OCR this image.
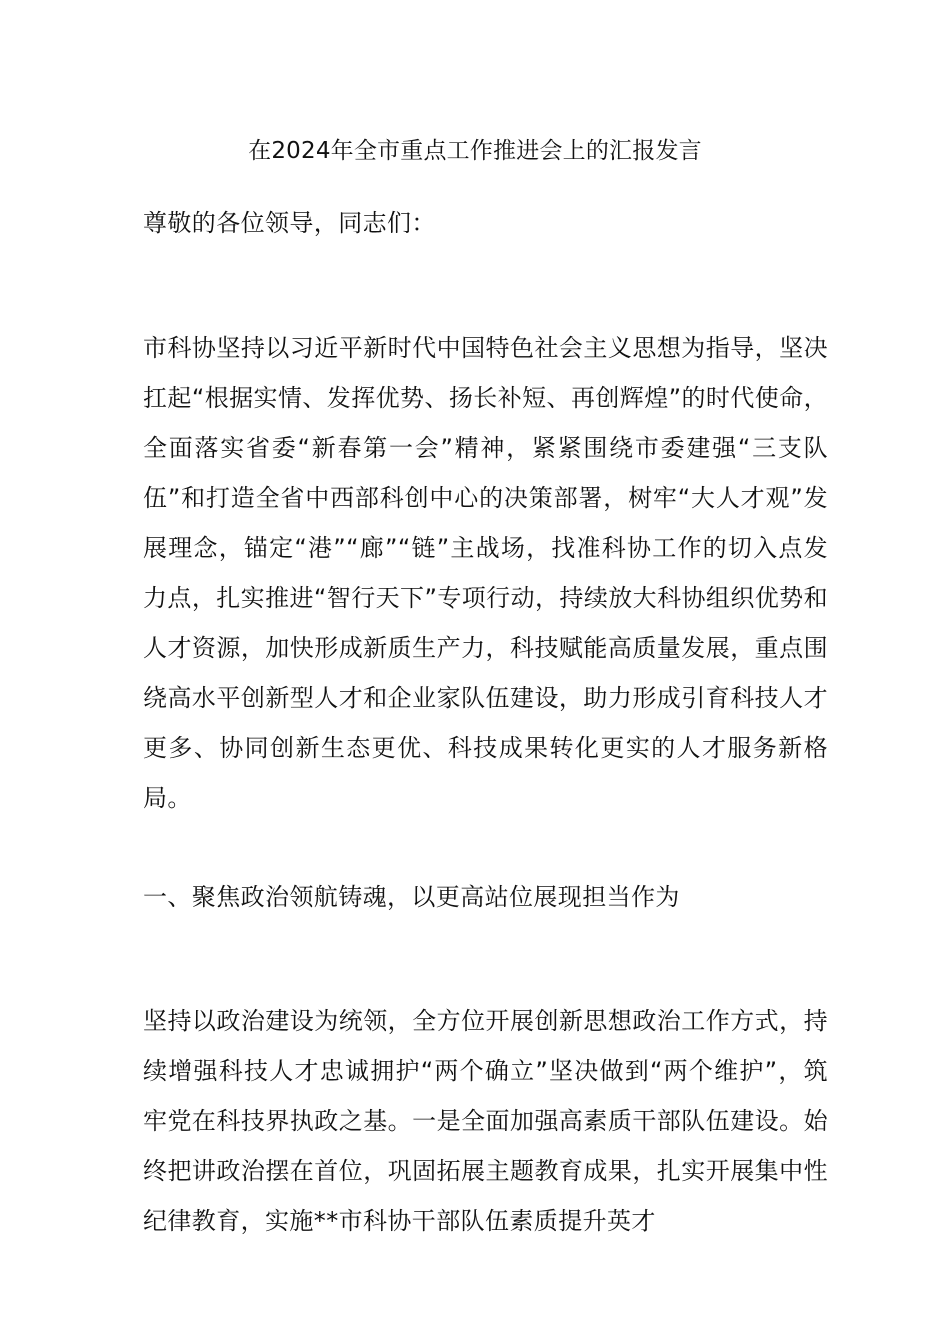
在2024年全市重点工作推进会上的汇报发言
尊敬的各位领导，同志们：
市科协坚持以习近平新时代中国特色社会主义思想为指导，坚决扛起“根据实情、发挥优势、扬长补短、再创辉煌”的时代使命，全面落实省委“新春第一会”精神，紧紧围绕市委建强“三支队伍”和打造全省中西部科创中心的决策部署，树牢“大人才观”发展理念，锚定“港”“廊”“链”主战场，找准科协工作的切入点发力点，扎实推进“智行天下”专项行动，持续放大科协组织优势和人才资源，加快形成新质生产力，科技赋能高质量发展，重点围绕高水平创新型人才和企业家队伍建设，助力形成引育科技人才更多、协同创新生态更优、科技成果转化更实的人才服务新格局。
一、聚焦政治领航铸魂，以更高站位展现担当作为
坚持以政治建设为统领，全方位开展创新思想政治工作方式，持续增强科技人才忠诚拥护“两个确立”坚决做到“两个维护”，筑牢党在科技界执政之基。一是全面加强高素质干部队伍建设。始终把讲政治摆在首位，巩固拓展主题教育成果，扎实开展集中性纪律教育，实施**市科协干部队伍素质提升英才
